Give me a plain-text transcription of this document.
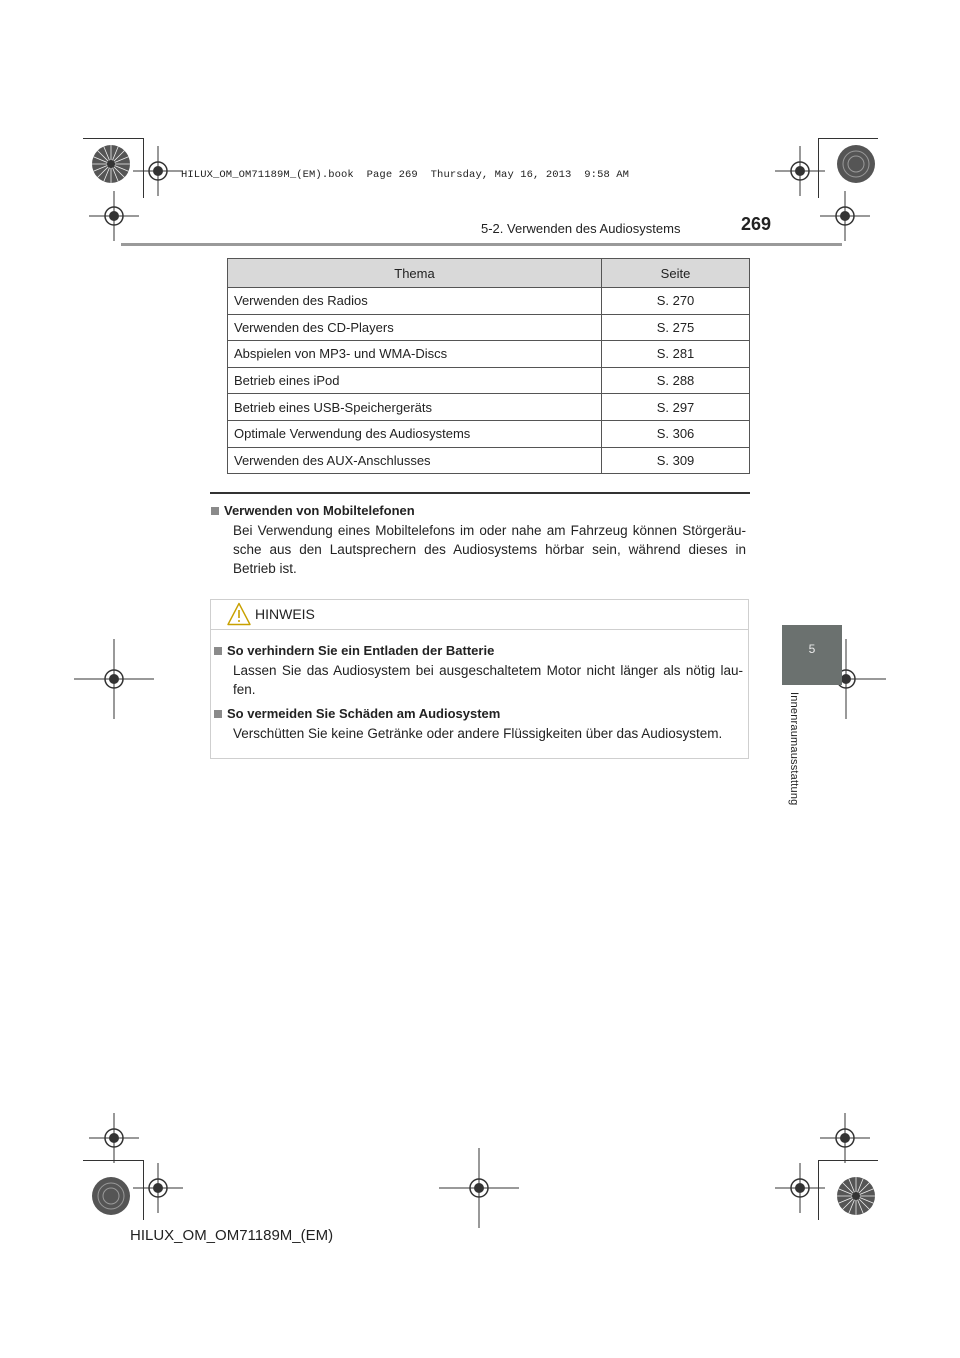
HILUX_OM_OM71189M_(EM).book  Page 269  Thursday, May 16, 2013  9:58 AM
5-2. Verwenden des Audiosystems	269
Thema	Seite
Verwenden des Radios	S. 270
Verwenden des CD-Players	S. 275
Abspielen von MP3- und WMA-Discs	S. 281
Betrieb eines iPod	S. 288
Betrieb eines USB-Speichergeräts	S. 297
Optimale Verwendung des Audiosystems	S. 306
Verwenden des AUX-Anschlusses	S. 309
Verwenden von Mobiltelefonen
Bei Verwendung eines Mobiltelefons im oder nahe am Fahrzeug können Störgeräu-sche aus den Lautsprechern des Audiosystems hörbar sein, während dieses in Betrieb ist.
HINWEIS
So verhindern Sie ein Entladen der Batterie
Lassen Sie das Audiosystem bei ausgeschaltetem Motor nicht länger als nötig lau-fen.
So vermeiden Sie Schäden am Audiosystem
Verschütten Sie keine Getränke oder andere Flüssigkeiten über das Audiosystem.
5
Innenraumausstattung
HILUX_OM_OM71189M_(EM)
